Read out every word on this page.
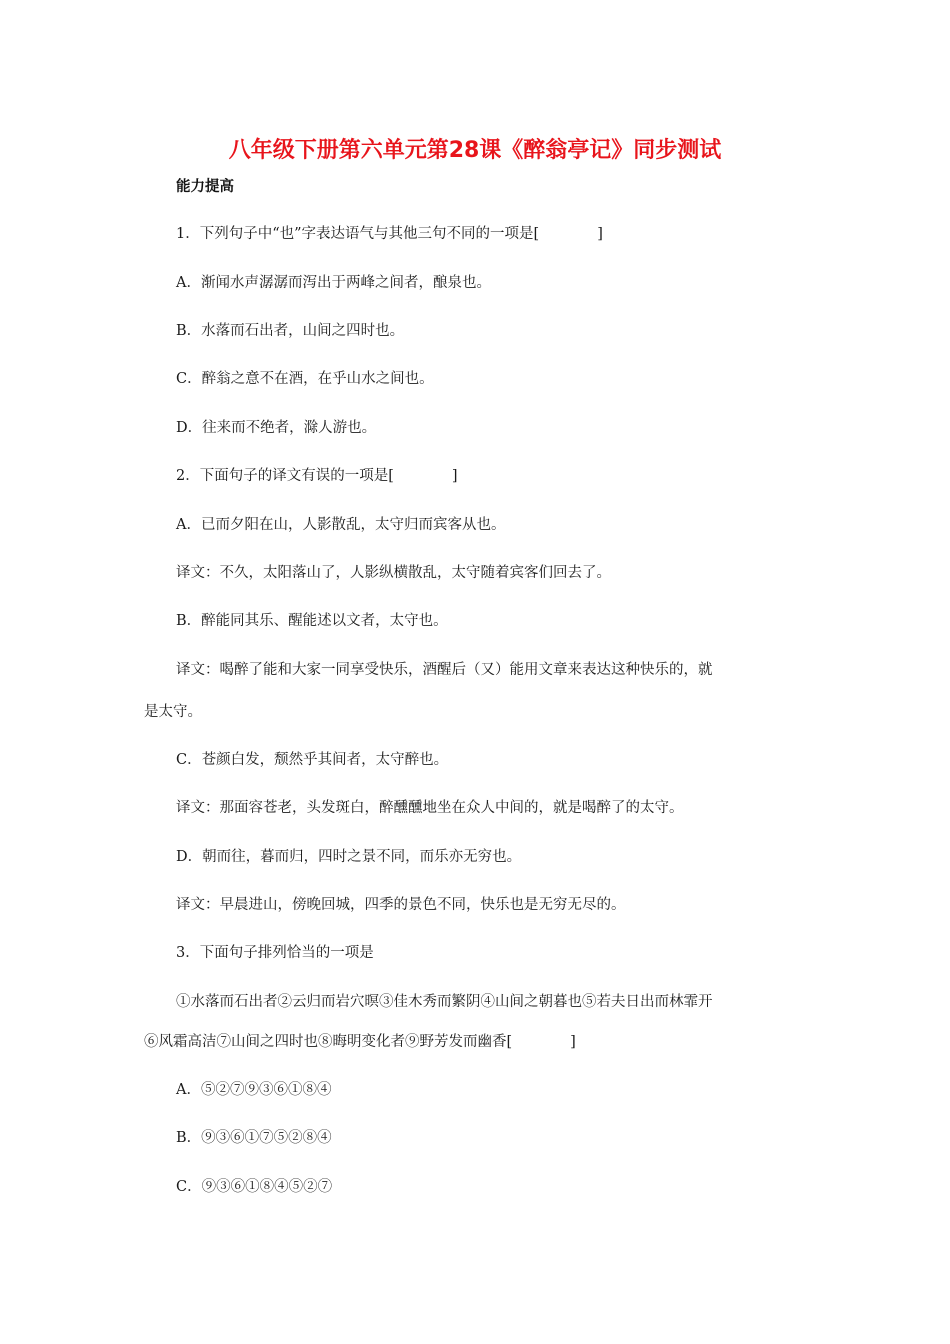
八年级下册第六单元第28课《醉翁亭记》同步测试
能力提高
1．下列句子中“也”字表达语气与其他三句不同的一项是[	]
A．渐闻水声潺潺而泻出于两峰之间者，酿泉也。
B．水落而石出者，山间之四时也。
C．醉翁之意不在酒，在乎山水之间也。
D．往来而不绝者，滁人游也。
2．下面句子的译文有误的一项是[	]
A．已而夕阳在山，人影散乱，太守归而宾客从也。
译文：不久，太阳落山了，人影纵横散乱，太守随着宾客们回去了。
B．醉能同其乐、醒能述以文者，太守也。
译文：喝醉了能和大家一同享受快乐，酒醒后（又）能用文章来表达这种快乐的，就
是太守。
C．苍颜白发，颓然乎其间者，太守醉也。
译文：那面容苍老，头发斑白，醉醺醺地坐在众人中间的，就是喝醉了的太守。
D．朝而往，暮而归，四时之景不同，而乐亦无穷也。
译文：早晨进山，傍晚回城，四季的景色不同，快乐也是无穷无尽的。
3．下面句子排列恰当的一项是
①水落而石出者②云归而岩穴暝③佳木秀而繁阴④山间之朝暮也⑤若夫日出而林霏开
⑥风霜高洁⑦山间之四时也⑧晦明变化者⑨野芳发而幽香[	]
A．⑤②⑦⑨③⑥①⑧④
B．⑨③⑥①⑦⑤②⑧④
C．⑨③⑥①⑧④⑤②⑦
